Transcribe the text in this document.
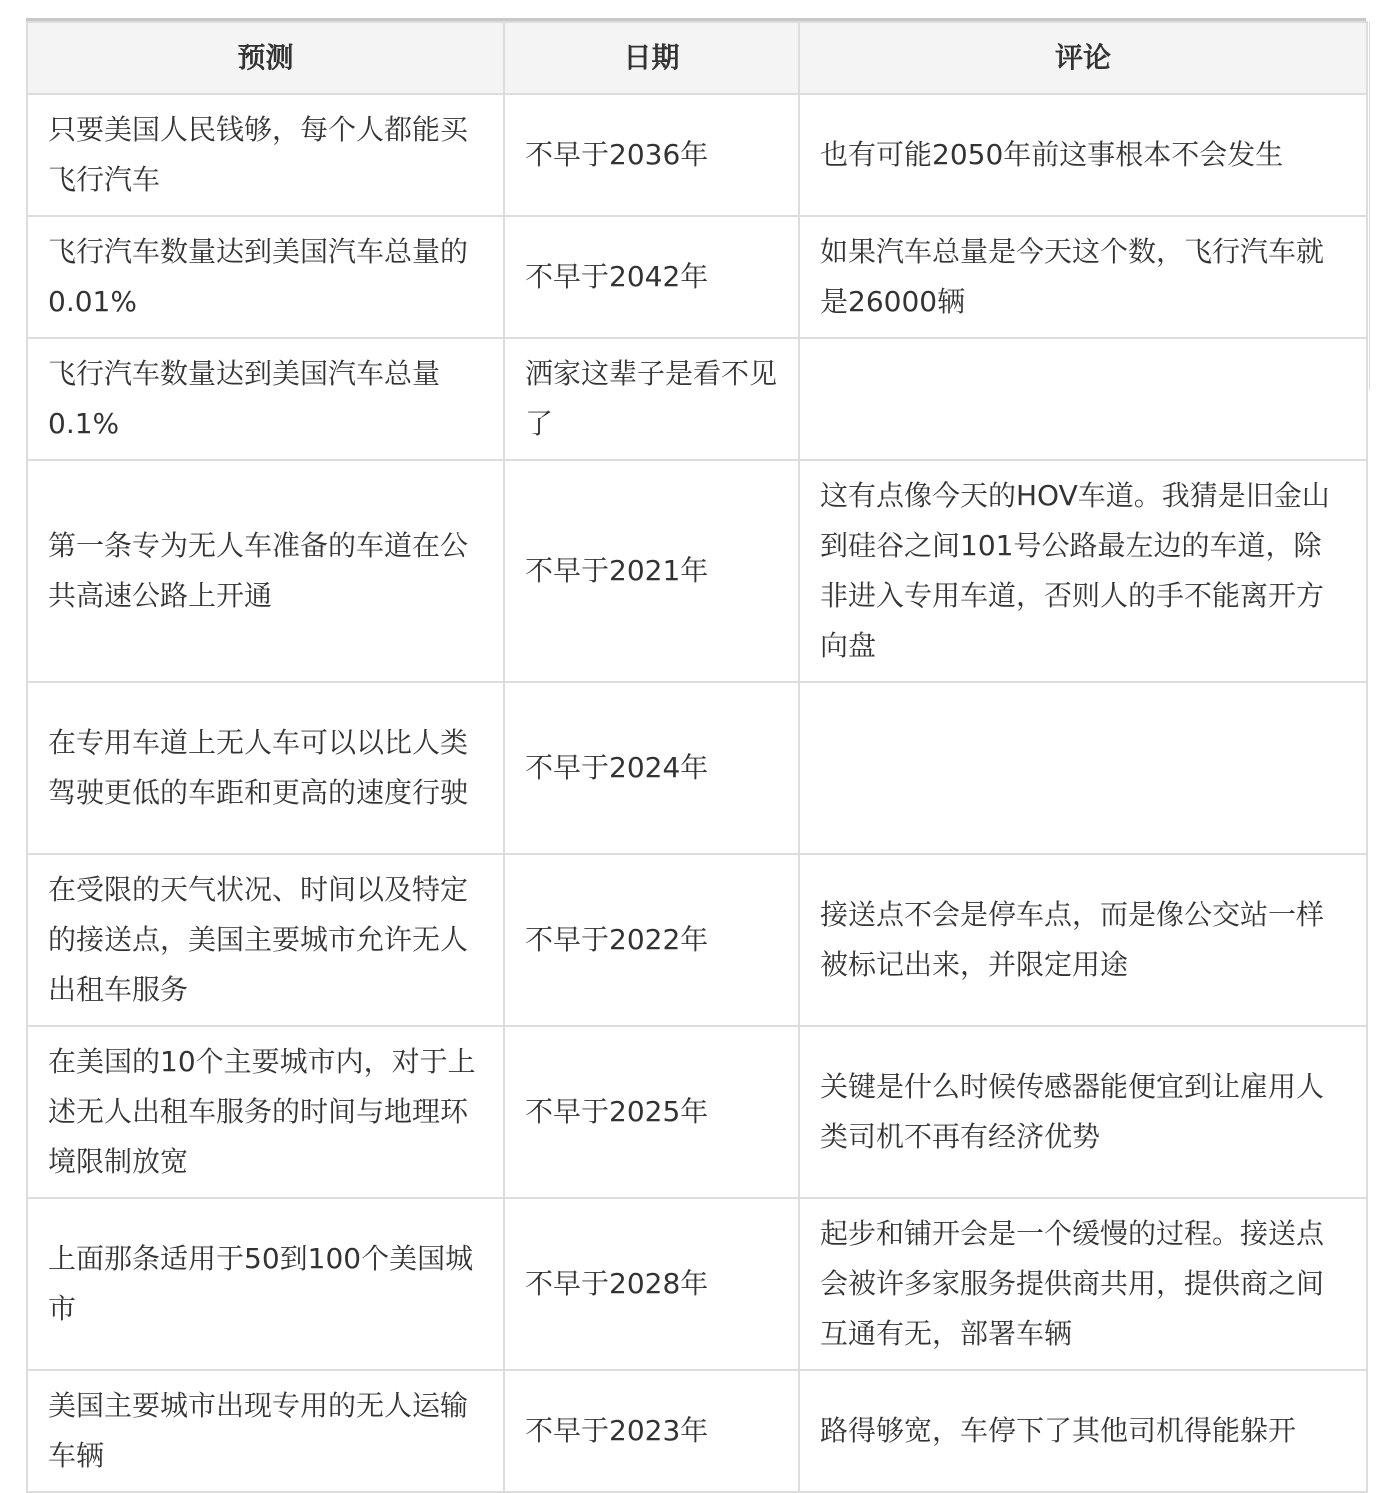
预测	日期	评论
只要美国人民钱够，每个人都能买飞行汽车	不早于2036年	也有可能2050年前这事根本不会发生
飞行汽车数量达到美国汽车总量的0.01%	不早于2042年	如果汽车总量是今天这个数，飞行汽车就是26000辆
飞行汽车数量达到美国汽车总量0.1%	洒家这辈子是看不见了	
第一条专为无人车准备的车道在公共高速公路上开通	不早于2021年	这有点像今天的HOV车道。我猜是旧金山到硅谷之间101号公路最左边的车道，除非进入专用车道，否则人的手不能离开方向盘
在专用车道上无人车可以以比人类驾驶更低的车距和更高的速度行驶	不早于2024年	
在受限的天气状况、时间以及特定的接送点，美国主要城市允许无人出租车服务	不早于2022年	接送点不会是停车点，而是像公交站一样被标记出来，并限定用途
在美国的10个主要城市内，对于上述无人出租车服务的时间与地理环境限制放宽	不早于2025年	关键是什么时候传感器能便宜到让雇用人类司机不再有经济优势
上面那条适用于50到100个美国城市	不早于2028年	起步和铺开会是一个缓慢的过程。接送点会被许多家服务提供商共用，提供商之间互通有无，部署车辆
美国主要城市出现专用的无人运输车辆	不早于2023年	路得够宽，车停下了其他司机得能躲开
